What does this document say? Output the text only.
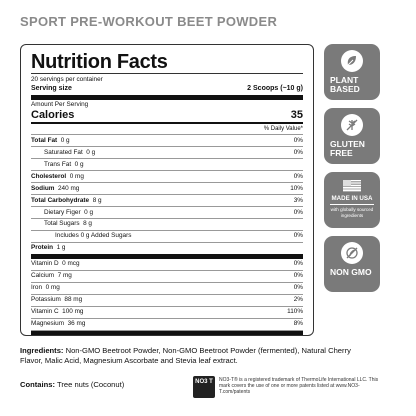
SPORT PRE-WORKOUT BEET POWDER
Nutrition Facts
20 servings per container
Serving size	2 Scoops (~10 g)
Amount Per Serving
Calories	35
% Daily Value*
Total Fat 0 g	0%
Saturated Fat 0 g	0%
Trans Fat 0 g
Cholesterol 0 mg	0%
Sodium 240 mg	10%
Total Carbohydrate 8 g	3%
Dietary Figer 0 g	0%
Total Sugars 8 g
Includes 0 g Added Sugars	0%
Protein 1 g
Vitamin D 0 mcg	0%
Calcium 7 mg	0%
Iron 0 mg	0%
Potassium 88 mg	2%
Vitamin C 100 mg	110%
Magnesium 36 mg	8%
PLANT BASED
GLUTEN FREE
MADE IN USA
with globally sourced ingredients
NON GMO
Ingredients: Non-GMO Beetroot Powder, Non-GMO Beetroot Powder (fermented), Natural Cherry Flavor, Malic Acid, Magnesium Ascorbate and Stevia leaf extract.
Contains: Tree nuts (Coconut)	NO3 T	NO3-T® is a registered trademark of ThermoLife International LLC. This mark covers the use of one or more patents listed at www.NO3-T.com/patents
